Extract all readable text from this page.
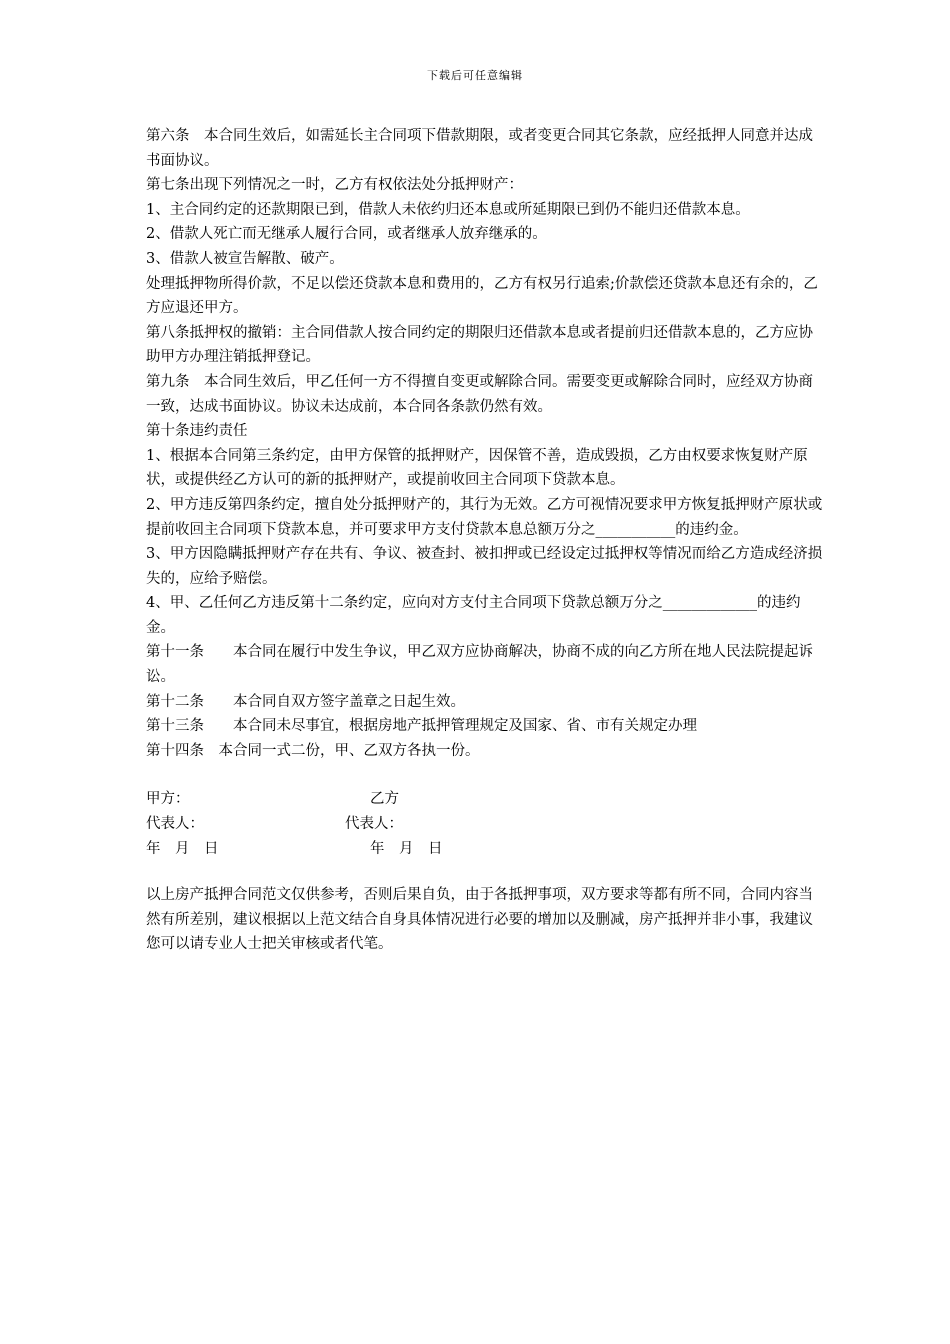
下载后可任意编辑

第六条　本合同生效后，如需延长主合同项下借款期限，或者变更合同其它条款，应经抵押人同意并达成书面协议。

第七条出现下列情况之一时，乙方有权依法处分抵押财产：

1、主合同约定的还款期限已到，借款人未依约归还本息或所延期限已到仍不能归还借款本息。

2、借款人死亡而无继承人履行合同，或者继承人放弃继承的。

3、借款人被宣告解散、破产。

处理抵押物所得价款，不足以偿还贷款本息和费用的，乙方有权另行追索;价款偿还贷款本息还有余的，乙方应退还甲方。

第八条抵押权的撤销：主合同借款人按合同约定的期限归还借款本息或者提前归还借款本息的，乙方应协助甲方办理注销抵押登记。

第九条　本合同生效后，甲乙任何一方不得擅自变更或解除合同。需要变更或解除合同时，应经双方协商一致，达成书面协议。协议未达成前，本合同各条款仍然有效。

第十条违约责任

1、根据本合同第三条约定，由甲方保管的抵押财产，因保管不善，造成毁损，乙方由权要求恢复财产原状，或提供经乙方认可的新的抵押财产，或提前收回主合同项下贷款本息。

2、甲方违反第四条约定，擅自处分抵押财产的，其行为无效。乙方可视情况要求甲方恢复抵押财产原状或提前收回主合同项下贷款本息，并可要求甲方支付贷款本息总额万分之___________的违约金。

3、甲方因隐瞒抵押财产存在共有、争议、被查封、被扣押或已经设定过抵押权等情况而给乙方造成经济损失的，应给予赔偿。

4、甲、乙任何乙方违反第十二条约定，应向对方支付主合同项下贷款总额万分之_____________的违约金。

第十一条　　本合同在履行中发生争议，甲乙双方应协商解决，协商不成的向乙方所在地人民法院提起诉讼。

第十二条　　本合同自双方签字盖章之日起生效。

第十三条　　本合同未尽事宜，根据房地产抵押管理规定及国家、省、市有关规定办理

第十四条　本合同一式二份，甲、乙双方各执一份。

甲方：	乙方
代表人：	代表人：
年　月　日	年　月　日

以上房产抵押合同范文仅供参考，否则后果自负，由于各抵押事项，双方要求等都有所不同，合同内容当然有所差别，建议根据以上范文结合自身具体情况进行必要的增加以及删减，房产抵押并非小事，我建议您可以请专业人士把关审核或者代笔。
